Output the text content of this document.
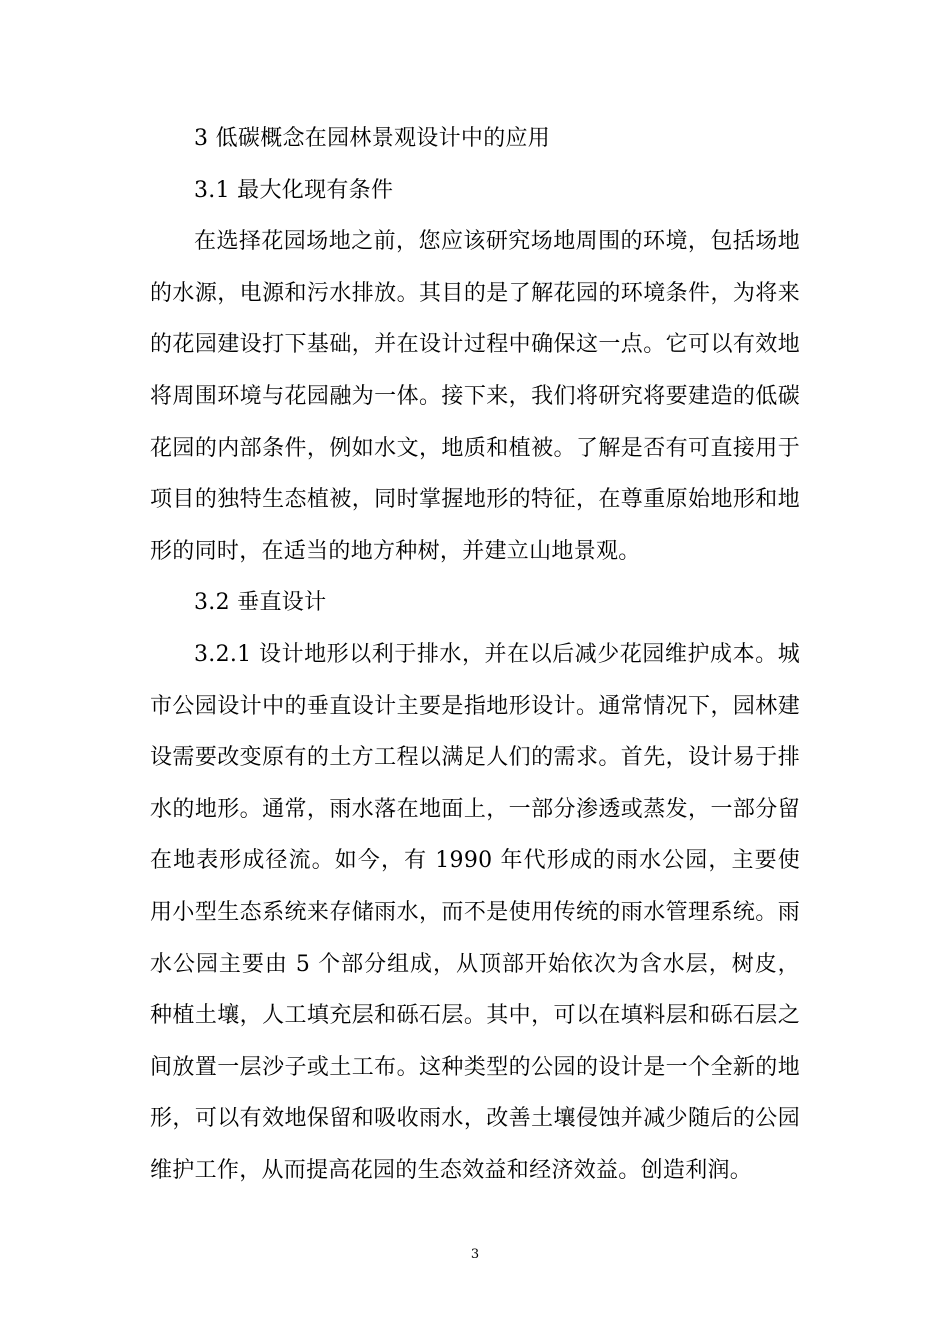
3 低碳概念在园林景观设计中的应用

3.1 最大化现有条件

在选择花园场地之前，您应该研究场地周围的环境，包括场地的水源，电源和污水排放。其目的是了解花园的环境条件，为将来的花园建设打下基础，并在设计过程中确保这一点。它可以有效地将周围环境与花园融为一体。接下来，我们将研究将要建造的低碳花园的内部条件，例如水文，地质和植被。了解是否有可直接用于项目的独特生态植被，同时掌握地形的特征，在尊重原始地形和地形的同时，在适当的地方种树，并建立山地景观。

3.2 垂直设计

3.2.1 设计地形以利于排水，并在以后减少花园维护成本。城市公园设计中的垂直设计主要是指地形设计。通常情况下，园林建设需要改变原有的土方工程以满足人们的需求。首先，设计易于排水的地形。通常，雨水落在地面上，一部分渗透或蒸发，一部分留在地表形成径流。如今，有 1990 年代形成的雨水公园，主要使用小型生态系统来存储雨水，而不是使用传统的雨水管理系统。雨水公园主要由 5 个部分组成，从顶部开始依次为含水层，树皮，种植土壤，人工填充层和砾石层。其中，可以在填料层和砾石层之间放置一层沙子或土工布。这种类型的公园的设计是一个全新的地形，可以有效地保留和吸收雨水，改善土壤侵蚀并减少随后的公园维护工作，从而提高花园的生态效益和经济效益。创造利润。

3
